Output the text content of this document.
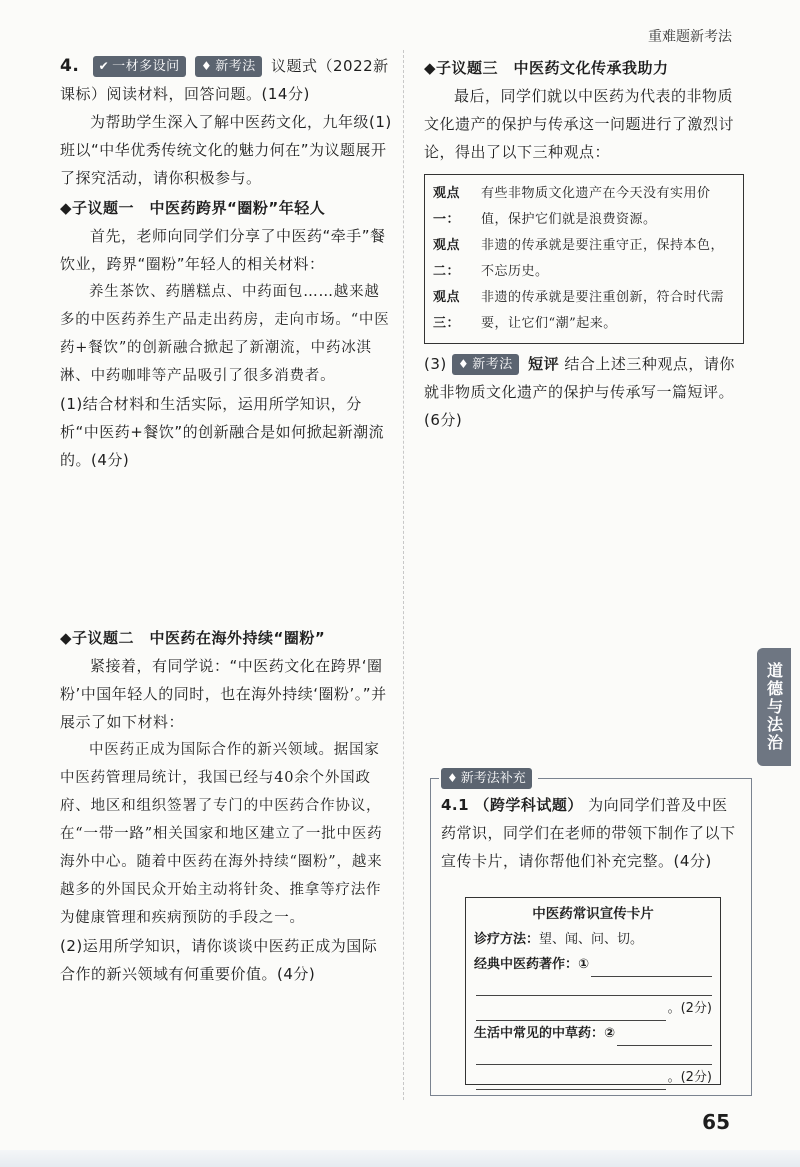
重难题新考法

4. ✔ 一材多设问 ♦ 新考法 议题式（2022新课标）阅读材料，回答问题。(14分)

为帮助学生深入了解中医药文化，九年级(1)班以“中华优秀传统文化的魅力何在”为议题展开了探究活动，请你积极参与。

◆子议题一　中医药跨界“圈粉”年轻人

首先，老师向同学们分享了中医药“牵手”餐饮业，跨界“圈粉”年轻人的相关材料：

养生茶饮、药膳糕点、中药面包……越来越多的中医药养生产品走出药房，走向市场。“中医药+餐饮”的创新融合掀起了新潮流，中药冰淇淋、中药咖啡等产品吸引了很多消费者。

(1)结合材料和生活实际，运用所学知识，分析“中医药+餐饮”的创新融合是如何掀起新潮流的。(4分)

◆子议题二　中医药在海外持续“圈粉”

紧接着，有同学说：“中医药文化在跨界‘圈粉’中国年轻人的同时，也在海外持续‘圈粉’。”并展示了如下材料：

中医药正成为国际合作的新兴领域。据国家中医药管理局统计，我国已经与40余个外国政府、地区和组织签署了专门的中医药合作协议，在“一带一路”相关国家和地区建立了一批中医药海外中心。随着中医药在海外持续“圈粉”，越来越多的外国民众开始主动将针灸、推拿等疗法作为健康管理和疾病预防的手段之一。

(2)运用所学知识，请你谈谈中医药正成为国际合作的新兴领域有何重要价值。(4分)

◆子议题三　中医药文化传承我助力

最后，同学们就以中医药为代表的非物质文化遗产的保护与传承这一问题进行了激烈讨论，得出了以下三种观点：

观点一：
有些非物质文化遗产在今天没有实用价值，保护它们就是浪费资源。
观点二：
非遗的传承就是要注重守正，保持本色，不忘历史。
观点三：
非遗的传承就是要注重创新，符合时代需要，让它们“潮”起来。

(3) ♦ 新考法 短评 结合上述三种观点，请你就非物质文化遗产的保护与传承写一篇短评。(6分)

♦ 新考法补充

4.1 （跨学科试题） 为向同学们普及中医药常识，同学们在老师的带领下制作了以下宣传卡片，请你帮他们补充完整。(4分)

中医药常识宣传卡片
诊疗方法： 望、闻、问、切。
经典中医药著作：①
。(2分)
生活中常见的中草药：②
。(2分)
道德与法治
65
